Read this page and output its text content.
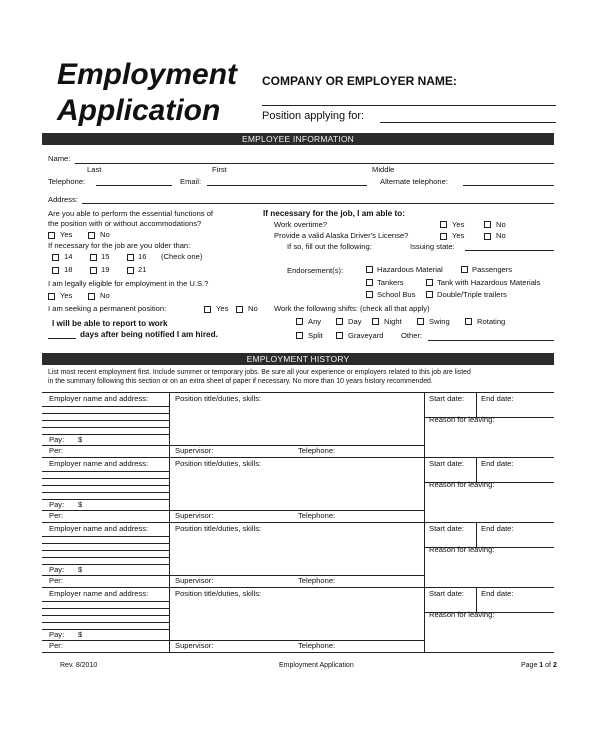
Employment
Application
COMPANY OR EMPLOYER NAME:
Position applying for:
EMPLOYEE INFORMATION
Name:
Last	First	Middle
Telephone:	Email:	Alternate telephone:
Address:
Are you able to perform the essential functions of
the position with or without accommodations?
Yes	No
If necessary for the job are you older than:
14	15	16 (Check one)
18	19	21
I am legally eligible for employment in the U.S.?
Yes	No
I am seeking a permanent position:	Yes	No
I will be able to report to work
days after being notified I am hired.
If necessary for the job, I am able to:
Work overtime?	Yes	No
Provide a valid Alaska Driver's License?	Yes	No
If so, fill out the following:	Issuing state:
Endorsement(s):	Hazardous Material	Passengers
Tankers	Tank with Hazardous Materials
School Bus	Double/Triple trailers
Work the following shifts: (check all that apply)
Any	Day	Night	Swing	Rotating
Split	Graveyard Other:
EMPLOYMENT HISTORY
List most recent employment first. Include summer or temporary jobs. Be sure all your experience or employers related to this job are listed
in the summary following this section or on an extra sheet of paper if necessary. No more than 10 years history recommended.
Employer name and address:	Position title/duties, skills:	Start date: End date:
Reason for leaving:
Pay: $
Per:	Supervisor:	Telephone:
Employer name and address:	Position title/duties, skills:	Start date: End date:
Reason for leaving:
Pay: $
Per:	Supervisor:	Telephone:
Employer name and address:	Position title/duties, skills:	Start date: End date:
Reason for leaving:
Pay: $
Per:	Supervisor:	Telephone:
Employer name and address:	Position title/duties, skills:	Start date: End date:
Reason for leaving:
Pay: $
Per:	Supervisor:	Telephone:
Rev. 8/2010	Employment Application	Page 1 of 2
